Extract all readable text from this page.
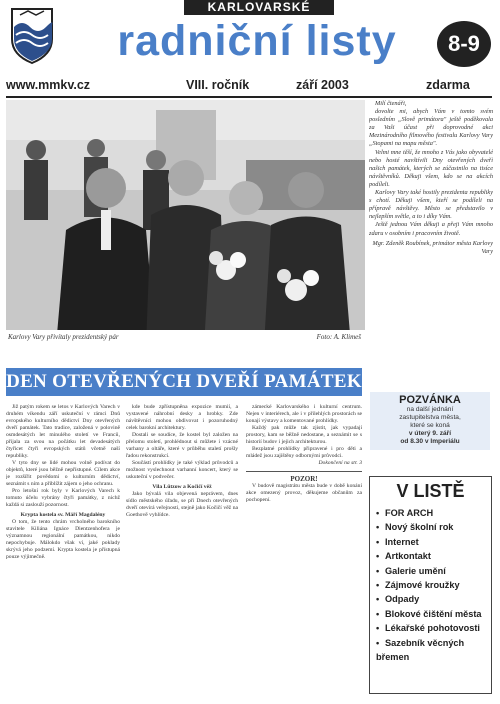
KARLOVARSKÉ
radniční listy	8-9
www.mmkv.cz	VIII. ročník	září 2003	zdarma
Karlovy Vary přivítaly prezidentský pár	Foto: A. Klimeš

Milí čtenáři,

dovolte mi, abych Vám v tomto svém posledním „Slově primátora" ještě poděkovala za Vaši účast při doprovodné akci Mezinárodního filmového festivalu Karlovy Vary „Stopami na mapu města".

Velmi mne těší, že mnoho z Vás jako obyvatelé nebo hosté navštívili Dny otevřených dveří našich památek, kterých se zúčastnilo na tisíce návštěvníků. Děkuji všem, kdo se na akcích podíleli.

Karlovy Vary také hostily prezidenta republiky s chotí. Děkuji všem, kteří se podíleli na přípravě návštěvy. Město se představilo v nejlepším světle, a to i díky Vám.

Ještě jednou Vám děkuji a přeji Vám mnoho zdaru v osobním i pracovním životě.

Mgr. Zdeněk Roubínek, primátor města Karlovy Vary

DEN OTEVŘENÝCH DVEŘÍ PAMÁTEK

Již patým rokem se letos v Karlových Varech v druhém víkendu září uskuteční v rámci Dnů evropského kulturního dědictví Dny otevřených dveří památek. Tato tradice, založená v polovině osmdesátých let minulého století ve Francii, přijala za svou na počátku let devadesátých čtyřicet čtyři evropských států včetně naší republiky.

V tyto dny se lidé mohou volně podívat do objektů, které jsou běžně nepřístupné. Cílem akce je rozšířit povědomí o kulturním dědictví, seznámit s ním a přiblížit zájem o jeho ochranu.

Pro letošní rok byly v Karlových Varech k tomuto účelu vybrány čtyři památky, z nichž každá si zaslouží pozornost.

Krypta kostela sv. Máří Magdalény

O tom, že tento chrám vrcholného barokního stavitele Kiliána Ignáce Dientzenhofera je významnou regionální památkou, nikdo nepochybuje. Málokdo však ví, jaké poklady skrývá jeho podzemí. Krypta kostela je přístupná pouze výjimečně.

kde bude zpřístupněna expozice mumií, a vystavené náhrobní desky a hrobky. Zde návštěvníci mohou obdivovat i pozoruhodný celek barokní architektury.

Dostali se soudíce, že kostel byl založen na přelomu století, prohlédnout si můžete i vzácné varhany a oltáře, které v průběhu staletí prošly řadou rekonstrukcí.

Součástí prohlídky je také výklad průvodců a možnost vyslechnout varhanní koncert, který se uskuteční v podvečer.

Vila Lützow a Kočičí věž

Jako bývalá vila objevená neprávem, dnes sídlo městského úřadu, se při Dnech otevřených dveří otevírá veřejnosti, stejně jako Kočičí věž na Goethově vyhlídce.

zámecké Karlovarského i kulturní centrum. Nejen v interiérech, ale i v přilehlých prostorách se konají výstavy a komentované prohlídky.

Každý pak může tak zjistit, jak vypadají prostory, kam se běžně nedostane, a seznámit se s historií budov i jejich architekturou.

Bezplatné prohlídky připravené i pro děti a mládež jsou zajištěny odbornými průvodci.

Dokončení na str. 3

POZOR!

V budově magistrátu města bude v době konání akce omezený provoz, děkujeme občanům za pochopení.

POZVÁNKA
na další jednání
zastupitelstva města,
které se koná
v úterý 9. září
od 8.30 v Imperiálu
V LISTĚ
• FOR ARCH
• Nový školní rok
• Internet
• Artkontakt
• Galerie umění
• Zájmové kroužky
• Odpady
• Blokové čištění města
• Lékařské pohotovosti
• Sazebník věcných břemen
